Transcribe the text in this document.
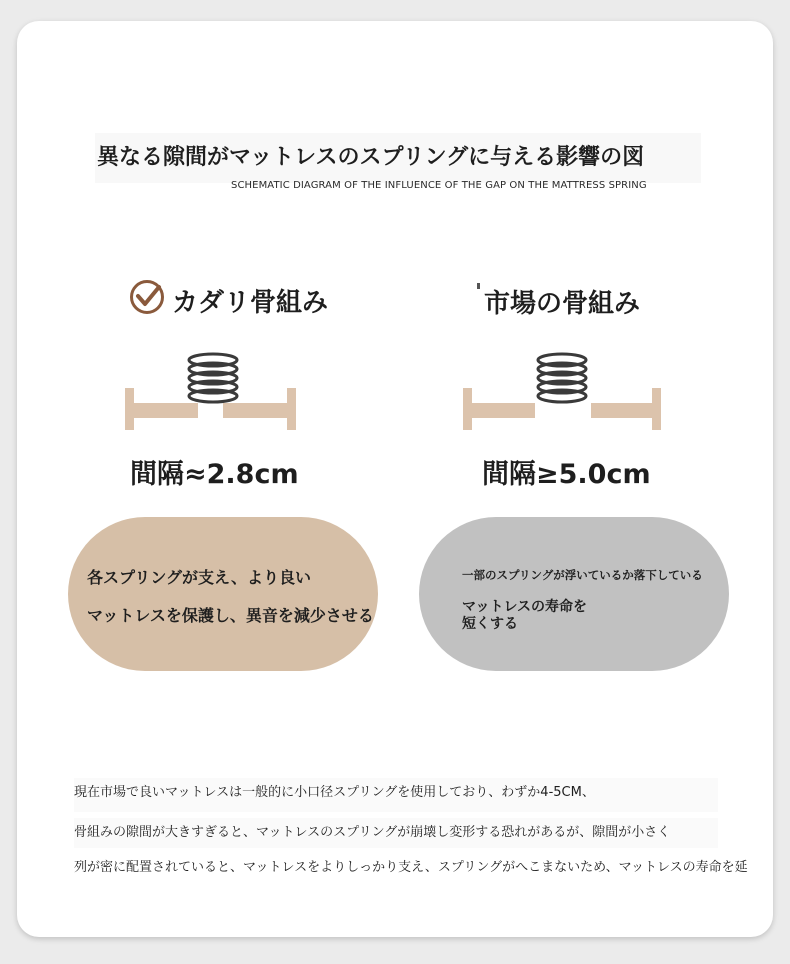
異なる隙間がマットレスのスプリングに与える影響の図
SCHEMATIC DIAGRAM OF THE INFLUENCE OF THE GAP ON THE MATTRESS SPRING
カダリ骨組み	市場の骨組み
間隔≈2.8cm	間隔≥5.0cm
各スプリングが支え、より良い
マットレスを保護し、異音を減少させる
一部のスプリングが浮いているか落下している
マットレスの寿命を
短くする
現在市場で良いマットレスは一般的に小口径スプリングを使用しており、わずか4-5CM、
骨組みの隙間が大きすぎると、マットレスのスプリングが崩壊し変形する恐れがあるが、隙間が小さく
列が密に配置されていると、マットレスをよりしっかり支え、スプリングがへこまないため、マットレスの寿命を延
